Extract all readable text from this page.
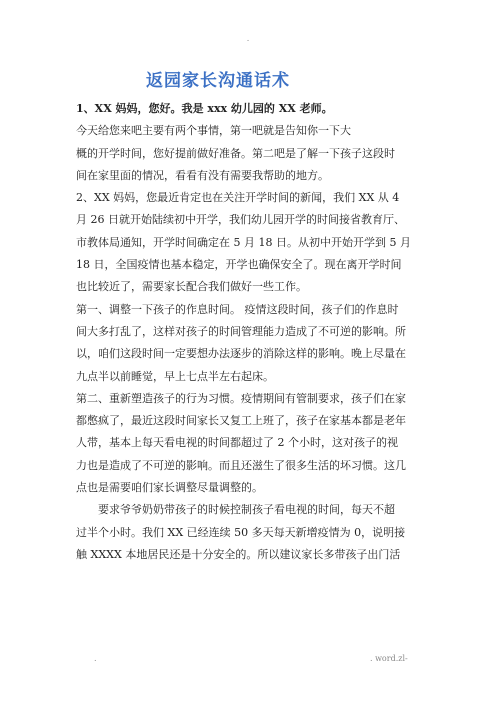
.
返园家长沟通话术

1、XX 妈妈，您好。我是 xxx 幼儿园的 XX 老师。

今天给您来吧主要有两个事情，第一吧就是告知你一下大

概的开学时间，您好提前做好准备。第二吧是了解一下孩子这段时

间在家里面的情况，看看有没有需要我帮助的地方。

2、XX 妈妈，您最近肯定也在关注开学时间的新闻，我们 XX 从 4

月 26 日就开始陆续初中开学，我们幼儿园开学的时间接省教育厅、

市教体局通知，开学时间确定在 5 月 18 日。从初中开始开学到 5 月

18 日，全国疫情也基本稳定，开学也确保安全了。现在离开学时间

也比较近了，需要家长配合我们做好一些工作。

第一、调整一下孩子的作息时间。 疫情这段时间，孩子们的作息时

间大多打乱了，这样对孩子的时间管理能力造成了不可逆的影响。所

以，咱们这段时间一定要想办法逐步的消除这样的影响。晚上尽量在

九点半以前睡觉，早上七点半左右起床。

第二、重新塑造孩子的行为习惯。疫情期间有管制要求，孩子们在家

都憋疯了，最近这段时间家长又复工上班了，孩子在家基本都是老年

人带，基本上每天看电视的时间都超过了 2 个小时，这对孩子的视

力也是造成了不可逆的影响。而且还滋生了很多生活的坏习惯。这几

点也是需要咱们家长调整尽量调整的。

要求爷爷奶奶带孩子的时候控制孩子看电视的时间，每天不超

过半个小时。我们 XX 已经连续 50 多天每天新增疫情为 0，说明接

触 XXXX 本地居民还是十分安全的。所以建议家长多带孩子出门活

.	. word.zl-
